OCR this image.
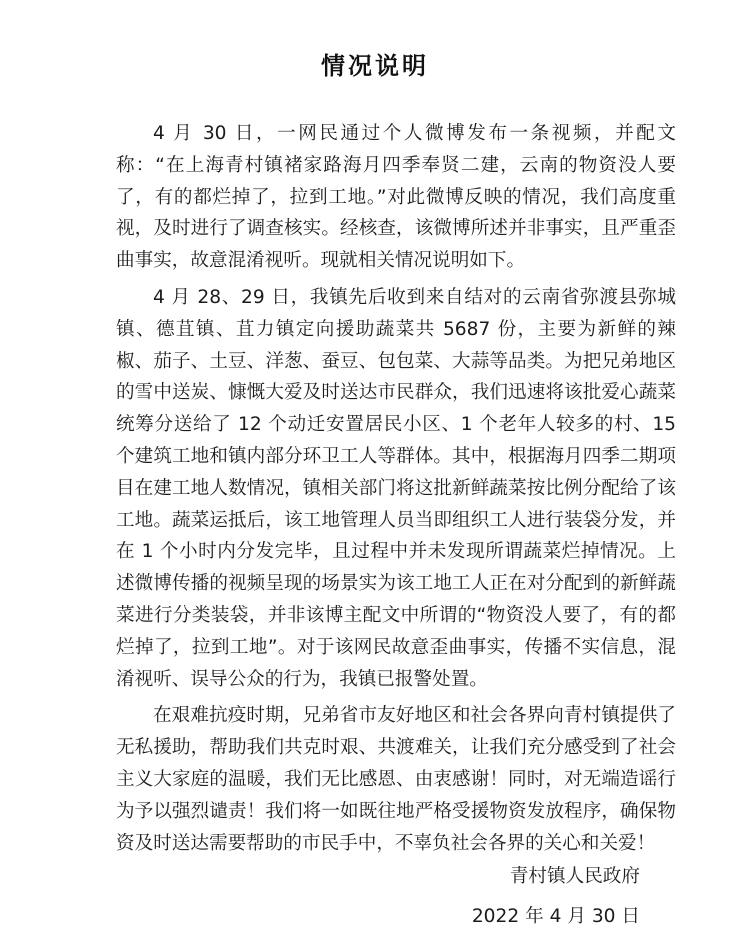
情况说明

4 月 30 日，一网民通过个人微博发布一条视频，并配文称：“在上海青村镇褚家路海月四季奉贤二建，云南的物资没人要了，有的都烂掉了，拉到工地。”对此微博反映的情况，我们高度重视，及时进行了调查核实。经核查，该微博所述并非事实，且严重歪曲事实，故意混淆视听。现就相关情况说明如下。

4 月 28、29 日，我镇先后收到来自结对的云南省弥渡县弥城镇、德苴镇、苴力镇定向援助蔬菜共 5687 份，主要为新鲜的辣椒、茄子、土豆、洋葱、蚕豆、包包菜、大蒜等品类。为把兄弟地区的雪中送炭、慷慨大爱及时送达市民群众，我们迅速将该批爱心蔬菜统筹分送给了 12 个动迁安置居民小区、1 个老年人较多的村、15 个建筑工地和镇内部分环卫工人等群体。其中，根据海月四季二期项目在建工地人数情况，镇相关部门将这批新鲜蔬菜按比例分配给了该工地。蔬菜运抵后，该工地管理人员当即组织工人进行装袋分发，并在 1 个小时内分发完毕，且过程中并未发现所谓蔬菜烂掉情况。上述微博传播的视频呈现的场景实为该工地工人正在对分配到的新鲜蔬菜进行分类装袋，并非该博主配文中所谓的“物资没人要了，有的都烂掉了，拉到工地”。对于该网民故意歪曲事实，传播不实信息，混淆视听、误导公众的行为，我镇已报警处置。

在艰难抗疫时期，兄弟省市友好地区和社会各界向青村镇提供了无私援助，帮助我们共克时艰、共渡难关，让我们充分感受到了社会主义大家庭的温暖，我们无比感恩、由衷感谢！同时，对无端造谣行为予以强烈谴责！我们将一如既往地严格受援物资发放程序，确保物资及时送达需要帮助的市民手中，不辜负社会各界的关心和关爱！

青村镇人民政府
2022 年 4 月 30 日
